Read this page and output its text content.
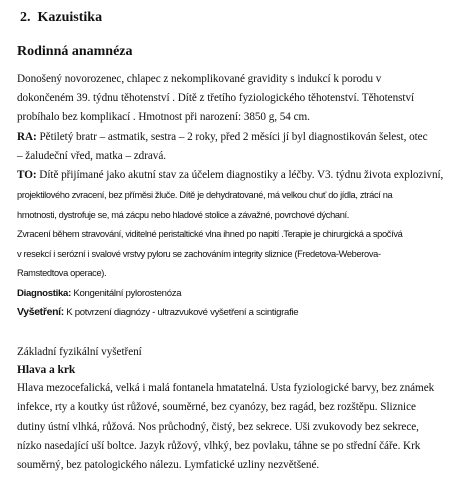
2. Kazuistika
Rodinná anamnéza
Donošený novorozenec, chlapec z nekomplikované gravidity s indukcí k porodu v
dokončeném 39. týdnu těhotenství . Dítě z třetího fyziologického těhotenství. Těhotenství
probíhalo bez komplikací . Hmotnost při narození: 3850 g, 54 cm.
RA: Pětiletý bratr – astmatik, sestra – 2 roky, před 2 měsíci jí byl diagnostikován šelest, otec
– žaludeční vřed, matka – zdravá.
TO: Dítě přijímané jako akutní stav za účelem diagnostiky a léčby. V3. týdnu života explozivní,
projektilového zvracení, bez příměsi žluče. Dítě je dehydratované, má velkou chuť do jídla, ztrácí na
hmotnosti, dystrofuje se, má zácpu nebo hladové stolice a závažné, povrchové dýchaní.
Zvracení během stravování, viditelné peristaltické vlna ihned po napití .Terapie je chirurgická a spočívá
v resekcí i serózní i svalové vrstvy pyloru se zachováním integrity sliznice (Fredetova-Weberova-
Ramstedtova operace).
Diagnostika: Kongenitální pylorostenóza
Vyšetření: K potvrzení diagnózy - ultrazvukové vyšetření a scintigrafie
Základní fyzikální vyšetření
Hlava a krk
Hlava mezocefalická, velká i malá fontanela hmatatelná. Usta fyziologické barvy, bez známek
infekce, rty a koutky úst růžové, souměrné, bez cyanózy, bez ragád, bez rozštěpu. Sliznice
dutiny ústní vlhká, růžová. Nos průchodný, čistý, bez sekrece. Uši zvukovody bez sekrece,
nízko nasedající uší boltce. Jazyk růžový, vlhký, bez povlaku, táhne se po střední čáře. Krk
souměrný, bez patologického nálezu. Lymfatické uzliny nezvětšené.
